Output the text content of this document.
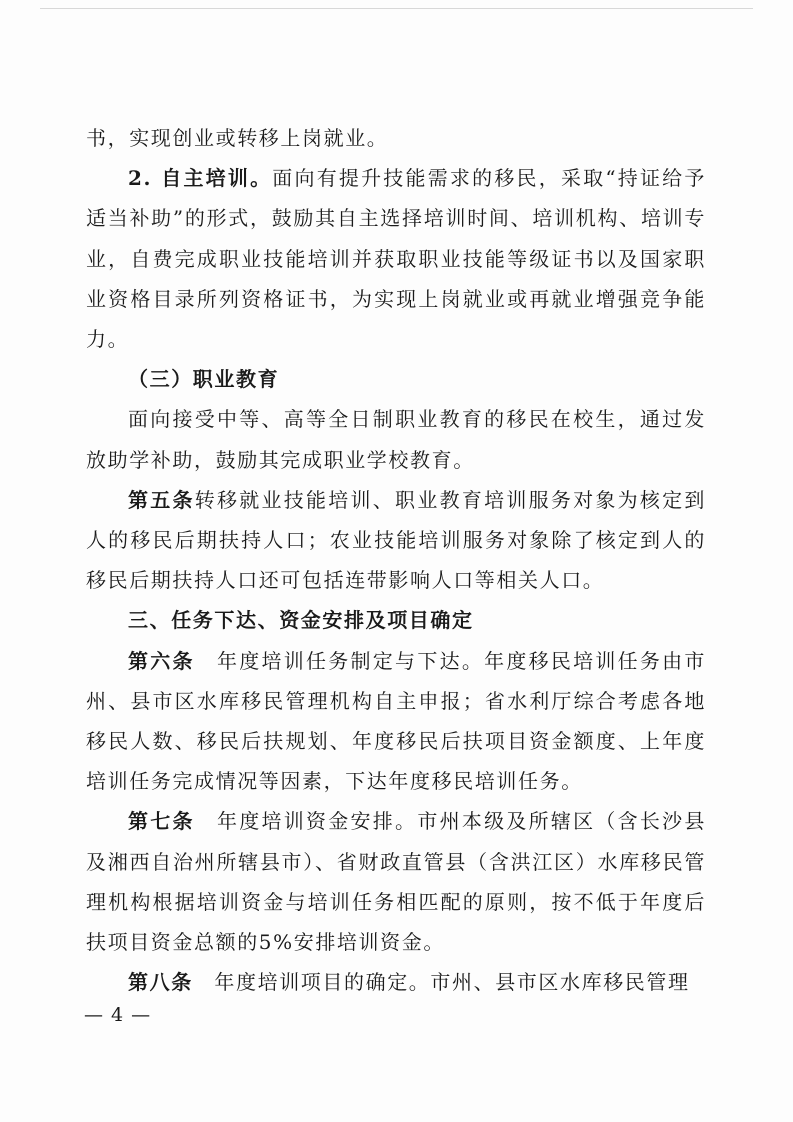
书，实现创业或转移上岗就业。

2. 自主培训。面向有提升技能需求的移民，采取“持证给予适当补助”的形式，鼓励其自主选择培训时间、培训机构、培训专业，自费完成职业技能培训并获取职业技能等级证书以及国家职业资格目录所列资格证书，为实现上岗就业或再就业增强竞争能力。

（三）职业教育

面向接受中等、高等全日制职业教育的移民在校生，通过发放助学补助，鼓励其完成职业学校教育。

第五条转移就业技能培训、职业教育培训服务对象为核定到人的移民后期扶持人口；农业技能培训服务对象除了核定到人的移民后期扶持人口还可包括连带影响人口等相关人口。

三、任务下达、资金安排及项目确定

第六条　年度培训任务制定与下达。年度移民培训任务由市州、县市区水库移民管理机构自主申报；省水利厅综合考虑各地移民人数、移民后扶规划、年度移民后扶项目资金额度、上年度培训任务完成情况等因素，下达年度移民培训任务。

第七条　年度培训资金安排。市州本级及所辖区（含长沙县及湘西自治州所辖县市）、省财政直管县（含洪江区）水库移民管理机构根据培训资金与培训任务相匹配的原则，按不低于年度后扶项目资金总额的5%安排培训资金。

第八条　年度培训项目的确定。市州、县市区水库移民管理

— 4 —
